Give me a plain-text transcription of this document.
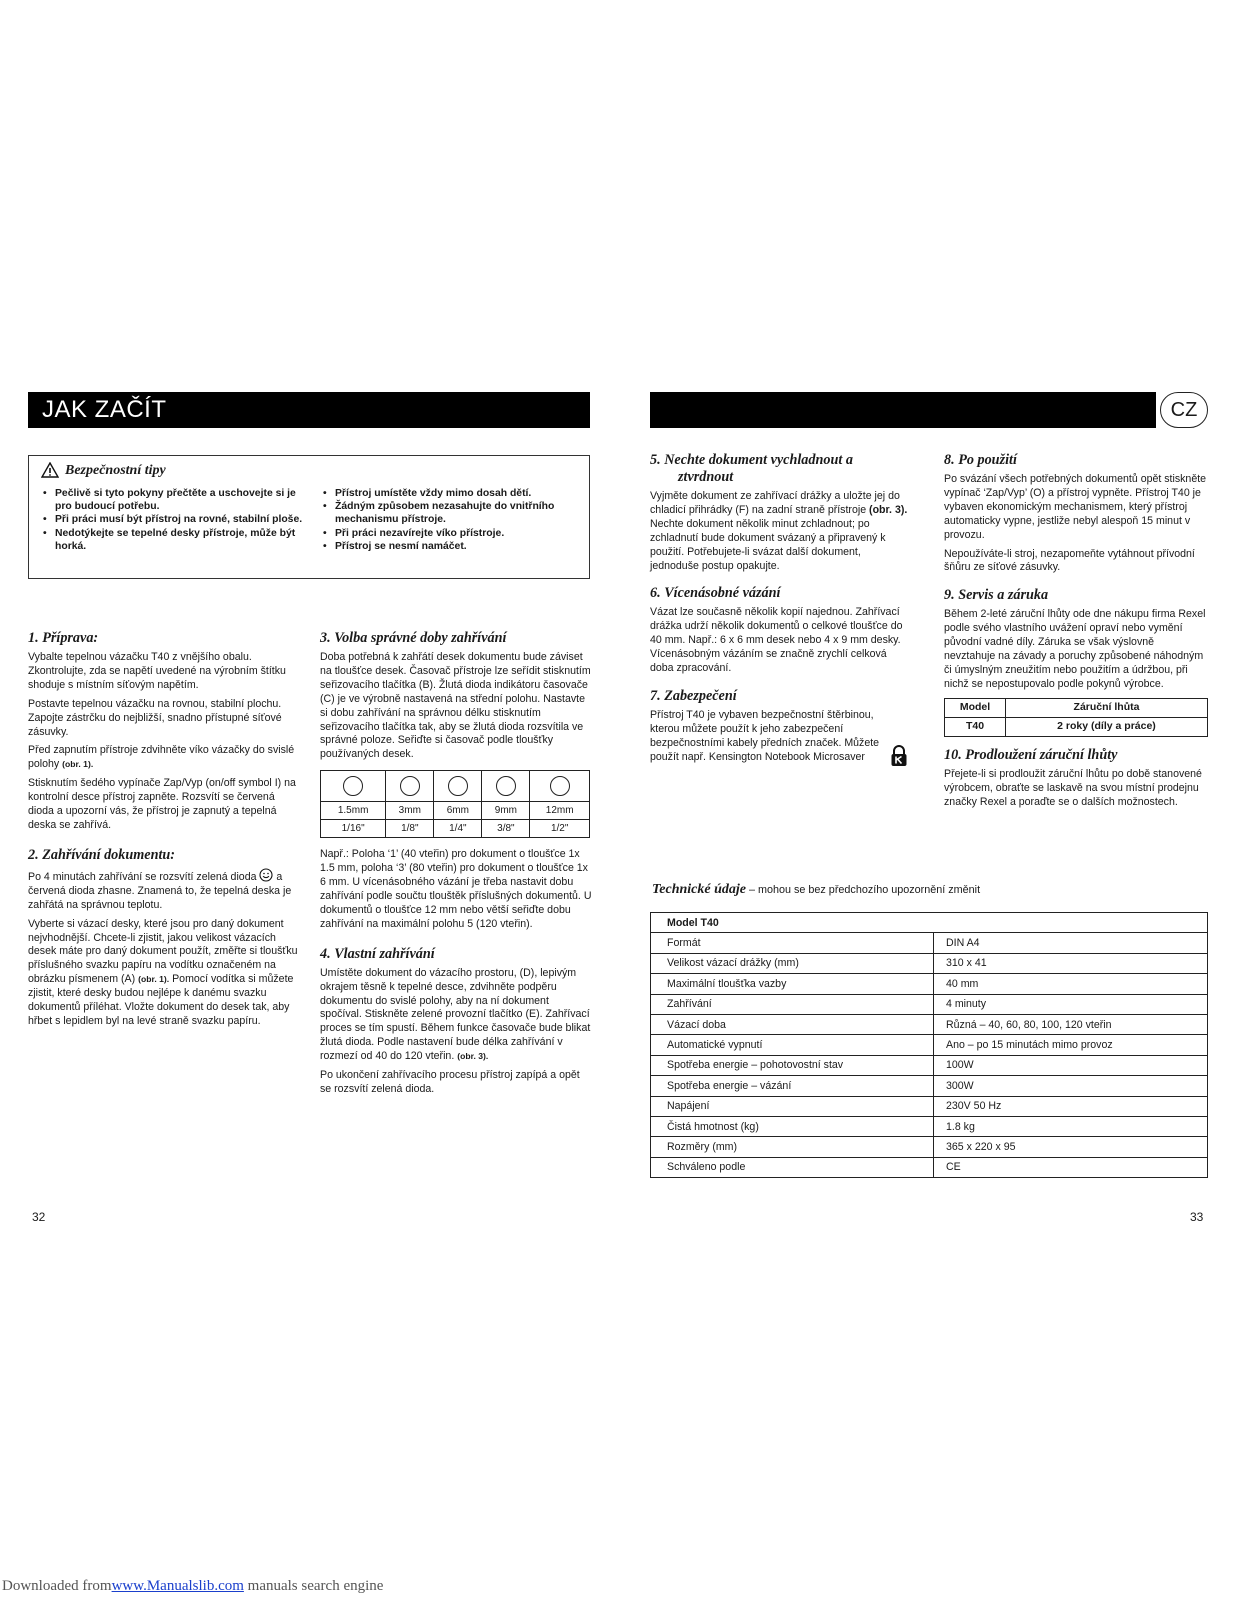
JAK ZAČÍT	CZ
Bezpečnostní tipy
• Pečlivě si tyto pokyny přečtěte a uschovejte si je pro budoucí potřebu.
• Při práci musí být přístroj na rovné, stabilní ploše.
• Nedotýkejte se tepelné desky přístroje, může být horká.
• Přístroj umístěte vždy mimo dosah dětí.
• Žádným způsobem nezasahujte do vnitřního mechanismu přístroje.
• Při práci nezavírejte víko přístroje.
• Přístroj se nesmí namáčet.
1. Příprava:

Vybalte tepelnou vázačku T40 z vnějšího obalu. Zkontrolujte, zda se napětí uvedené na výrobním štítku shoduje s místním síťovým napětím.

Postavte tepelnou vázačku na rovnou, stabilní plochu. Zapojte zástrčku do nejbližší, snadno přístupné síťové zásuvky.

Před zapnutím přístroje zdvihněte víko vázačky do svislé polohy (obr. 1).

Stisknutím šedého vypínače Zap/Vyp (on/off symbol I) na kontrolní desce přístroj zapněte. Rozsvítí se červená dioda a upozorní vás, že přístroj je zapnutý a tepelná deska se zahřívá.

2. Zahřívání dokumentu:

Po 4 minutách zahřívání se rozsvítí zelená dioda a červená dioda zhasne. Znamená to, že tepelná deska je zahřátá na správnou teplotu.

Vyberte si vázací desky, které jsou pro daný dokument nejvhodnější. Chcete-li zjistit, jakou velikost vázacích desek máte pro daný dokument použít, změřte si tloušťku příslušného svazku papíru na vodítku označeném na obrázku písmenem (A) (obr. 1). Pomocí vodítka si můžete zjistit, které desky budou nejlépe k danému svazku dokumentů příléhat. Vložte dokument do desek tak, aby hřbet s lepidlem byl na levé straně svazku papíru.

3. Volba správné doby zahřívání

Doba potřebná k zahřátí desek dokumentu bude záviset na tloušťce desek. Časovač přístroje lze seřídit stisknutím seřizovacího tlačítka (B). Žlutá dioda indikátoru časovače (C) je ve výrobně nastavená na střední polohu. Nastavte si dobu zahřívání na správnou délku stisknutím seřizovacího tlačítka tak, aby se žlutá dioda rozsvítila ve správné poloze. Seřiďte si časovač podle tloušťky používaných desek.

1.5mm	3mm	6mm	9mm	12mm
1/16"	1/8"	1/4"	3/8"	1/2"

Např.: Poloha ‘1’ (40 vteřin) pro dokument o tloušťce 1x 1.5 mm, poloha ‘3’ (80 vteřin) pro dokument o tloušťce 1x 6 mm. U vícenásobného vázání je třeba nastavit dobu zahřívání podle součtu tlouštěk příslušných dokumentů. U dokumentů o tloušťce 12 mm nebo větší seřiďte dobu zahřívání na maximální polohu 5 (120 vteřin).

4. Vlastní zahřívání

Umístěte dokument do vázacího prostoru, (D), lepivým okrajem těsně k tepelné desce, zdvihněte podpěru dokumentu do svislé polohy, aby na ní dokument spočíval. Stiskněte zelené provozní tlačítko (E). Zahřívací proces se tím spustí. Během funkce časovače bude blikat žlutá dioda. Podle nastavení bude délka zahřívání v rozmezí od 40 do 120 vteřin. (obr. 3).

Po ukončení zahřívacího procesu přístroj zapípá a opět se rozsvítí zelená dioda.

5. Nechte dokument vychladnout a
ztvrdnout

Vyjměte dokument ze zahřívací drážky a uložte jej do chladicí přihrádky (F) na zadní straně přístroje (obr. 3). Nechte dokument několik minut zchladnout; po zchladnutí bude dokument svázaný a připravený k použití. Potřebujete-li svázat další dokument, jednoduše postup opakujte.

6. Vícenásobné vázání

Vázat lze současně několik kopií najednou. Zahřívací drážka udrží několik dokumentů o celkové tloušťce do 40 mm. Např.: 6 x 6 mm desek nebo 4 x 9 mm desky. Vícenásobným vázáním se značně zrychlí celková doba zpracování.

7. Zabezpečení

Přístroj T40 je vybaven bezpečnostní štěrbinou, kterou můžete použít k jeho zabezpečení bezpečnostními kabely předních značek. Můžete použít např. Kensington Notebook Microsaver

8. Po použití

Po svázání všech potřebných dokumentů opět stiskněte vypínač ‘Zap/Vyp’ (O) a přístroj vypněte. Přístroj T40 je vybaven ekonomickým mechanismem, který přístroj automaticky vypne, jestliže nebyl alespoň 15 minut v provozu.

Nepoužíváte-li stroj, nezapomeňte vytáhnout přívodní šňůru ze síťové zásuvky.

9. Servis a záruka

Během 2-leté záruční lhůty ode dne nákupu firma Rexel podle svého vlastního uvážení opraví nebo vymění původní vadné díly. Záruka se však výslovně nevztahuje na závady a poruchy způsobené náhodným či úmyslným zneužitím nebo použitím a údržbou, při nichž se nepostupovalo podle pokynů výrobce.

Model	Záruční lhůta
T40	2 roky (díly a práce)
10. Prodloužení záruční lhůty

Přejete-li si prodloužit záruční lhůtu po době stanovené výrobcem, obraťte se laskavě na svou místní prodejnu značky Rexel a poraďte se o dalších možnostech.

Technické údaje – mohou se bez předchozího upozornění změnit
Model T40	
Formát	DIN A4
Velikost vázací drážky (mm)	310 x 41
Maximální tloušťka vazby	40 mm
Zahřívání	4 minuty
Vázací doba	Různá – 40, 60, 80, 100, 120 vteřin
Automatické vypnutí	Ano – po 15 minutách mimo provoz
Spotřeba energie – pohotovostní stav	100W
Spotřeba energie – vázání	300W
Napájení	230V 50 Hz
Čistá hmotnost (kg)	1.8 kg
Rozměry (mm)	365 x 220 x 95
Schváleno podle	CE
32	33
Downloaded fromwww.Manualslib.com manuals search engine
